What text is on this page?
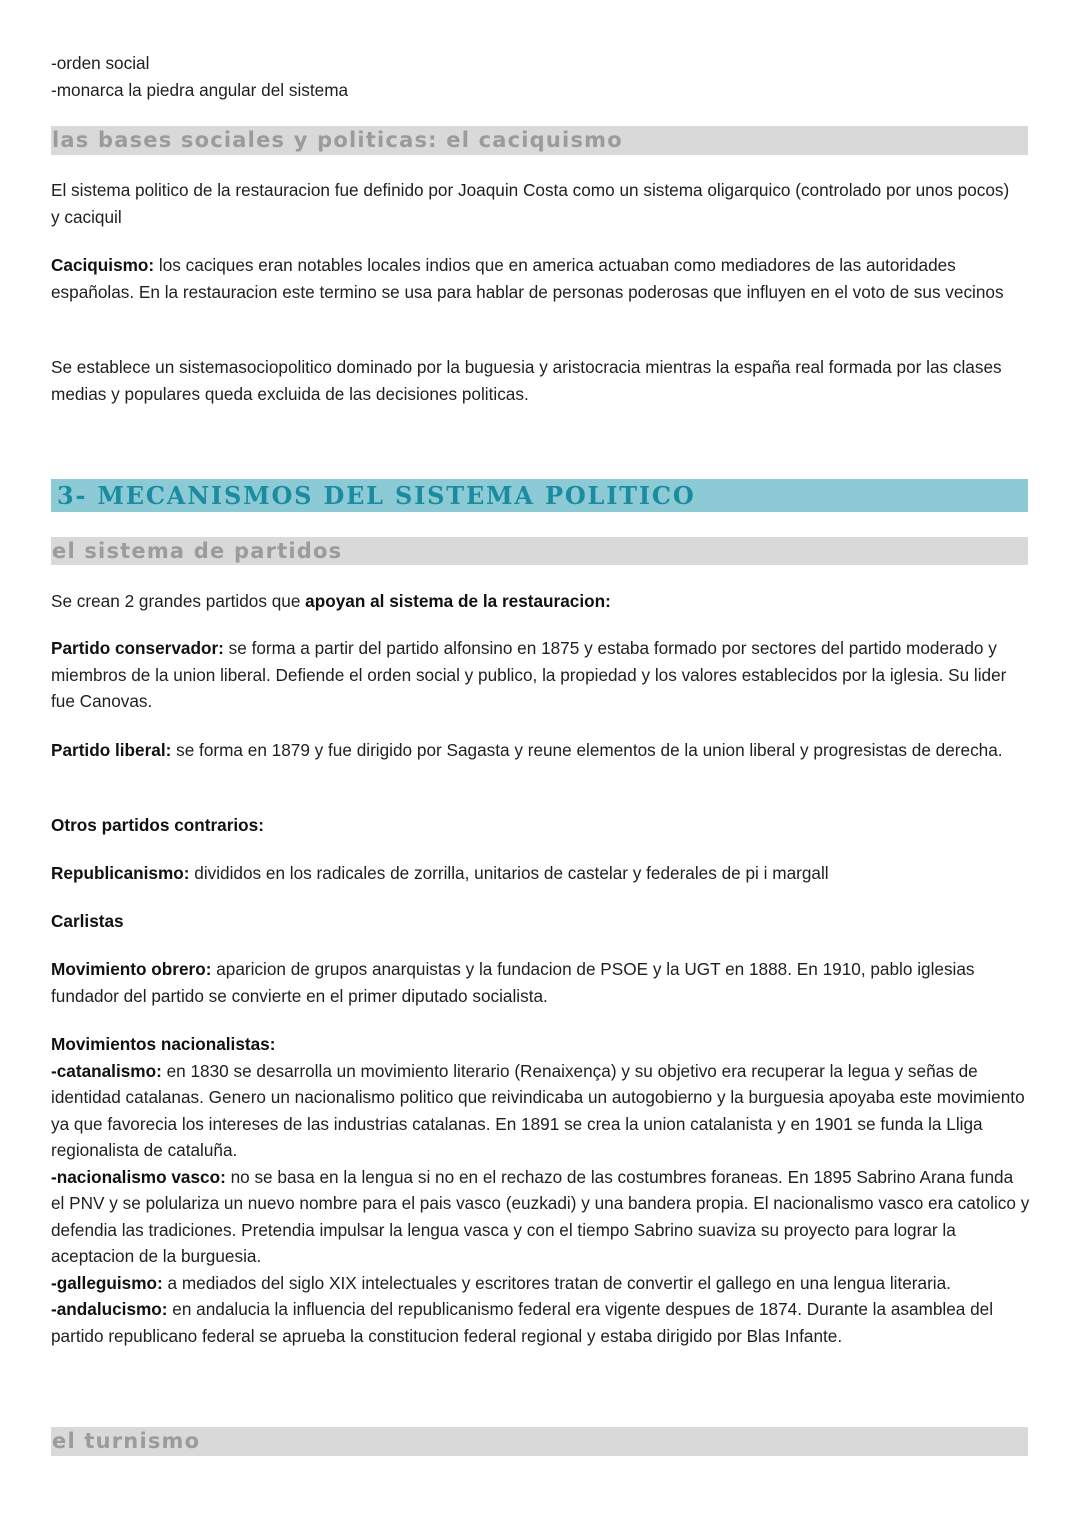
-orden social
-monarca la piedra angular del sistema
las bases sociales y politicas: el caciquismo
El sistema politico de la restauracion fue definido por Joaquin Costa como un sistema oligarquico (controlado por unos pocos) y caciquil
Caciquismo: los caciques eran notables locales indios que en america actuaban como mediadores de las autoridades españolas. En la restauracion este termino se usa para hablar de personas poderosas que influyen en el voto de sus vecinos
Se establece un sistemasociopolitico dominado por la buguesia y aristocracia mientras la españa real formada por las clases medias y populares queda excluida de las decisiones politicas.
3- MECANISMOS DEL SISTEMA POLITICO
el sistema de partidos
Se crean 2 grandes partidos que apoyan al sistema de la restauracion:
Partido conservador: se forma a partir del partido alfonsino en 1875 y estaba formado por sectores del partido moderado y miembros de la union liberal. Defiende el orden social y publico, la propiedad y los valores establecidos por la iglesia. Su lider fue Canovas.
Partido liberal: se forma en 1879 y fue dirigido por Sagasta y reune elementos de la union liberal y progresistas de derecha.
Otros partidos contrarios:
Republicanismo: divididos en los radicales de zorrilla, unitarios de castelar y federales de pi i margall
Carlistas
Movimiento obrero: aparicion de grupos anarquistas y la fundacion de PSOE y la UGT en 1888. En 1910, pablo iglesias fundador del partido se convierte en el primer diputado socialista.
Movimientos nacionalistas:
-catanalismo: en 1830 se desarrolla un movimiento literario (Renaixença) y su objetivo era recuperar la legua y señas de identidad catalanas. Genero un nacionalismo politico que reivindicaba un autogobierno y la burguesia apoyaba este movimiento ya que favorecia los intereses de las industrias catalanas. En 1891 se crea la union catalanista y en 1901 se funda la Lliga regionalista de cataluña.
-nacionalismo vasco: no se basa en la lengua si no en el rechazo de las costumbres foraneas. En 1895 Sabrino Arana funda el PNV y se polulariza un nuevo nombre para el pais vasco (euzkadi) y una bandera propia. El nacionalismo vasco era catolico y defendia las tradiciones. Pretendia impulsar la lengua vasca y con el tiempo Sabrino suaviza su proyecto para lograr la aceptacion de la burguesia.
-galleguismo: a mediados del siglo XIX intelectuales y escritores tratan de convertir el gallego en una lengua literaria.
-andalucismo: en andalucia la influencia del republicanismo federal era vigente despues de 1874. Durante la asamblea del partido republicano federal se aprueba la constitucion federal regional y estaba dirigido por Blas Infante.
el turnismo
